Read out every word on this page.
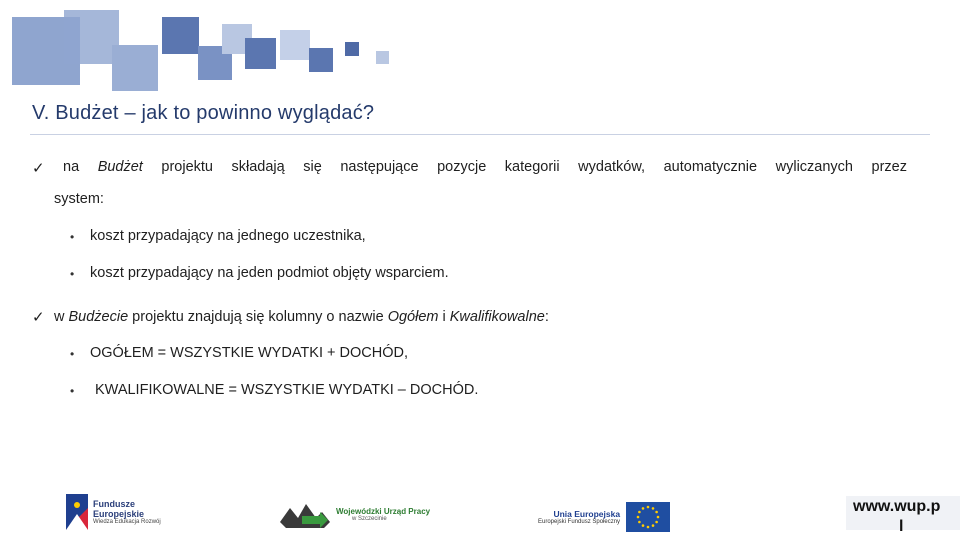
V. Budżet – jak to powinno wyglądać?
✓ na Budżet projektu składają się następujące pozycje kategorii wydatków, automatycznie wyliczanych przez
system:
• koszt przypadający na jednego uczestnika,
• koszt przypadający na jeden podmiot objęty wsparciem.
✓ w Budżecie projektu znajdują się kolumny o nazwie Ogółem i Kwalifikowalne:
• OGÓŁEM = WSZYSTKIE WYDATKI + DOCHÓD,
• KWALIFIKOWALNE = WSZYSTKIE WYDATKI – DOCHÓD.
Fundusze
Europejskie
Wiedza Edukacja Rozwój
Wojewódzki Urząd Pracy
w Szczecinie	Unia Europejska
Europejski Fundusz Społeczny
www.wup.p
l
